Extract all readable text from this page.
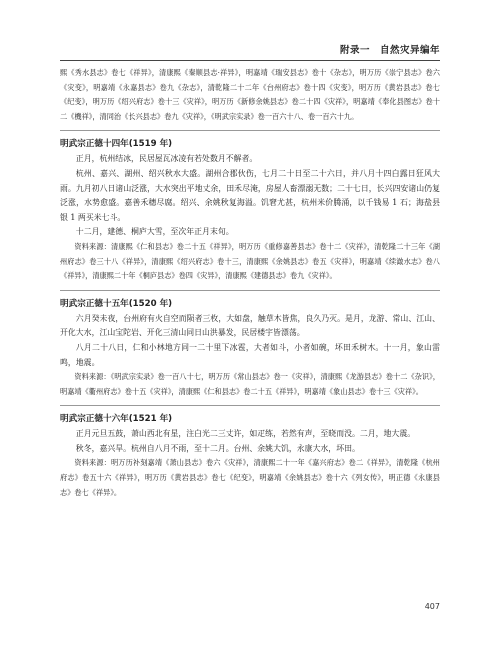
附录一 自然灾异编年

熙《秀水县志》卷七《祥异》，清康熙《秦顺县志·祥异》，明嘉靖《瑞安县志》卷十《杂志》，明万历《崇宁县志》卷六《灾变》，明嘉靖《永嘉县志》卷九《杂志》，清乾隆二十二年《台州府志》卷十四《灾变》，明万历《黄岩县志》卷七《纪变》，明万历《绍兴府志》卷十三《灾祥》，明万历《新修余姚县志》卷二十四《灾祥》，明嘉靖《奉化县图志》卷十二《機祥》，清同治《长兴县志》卷九《灾祥》，《明武宗实录》卷一百六十八、卷一百六十九。

明武宗正德十四年(1519 年)

正月，杭州结冰，民居屋瓦冰凌有若处数月不解者。

杭州、嘉兴、湖州、绍兴秋水大盛。湖州合郡伙伤，七月二十日至二十六日，并八月十四白露日狂风大雨。九月初八日诸山泛涨，大水突出平地丈余，田禾尽淹，房屋人畜漂溺无数；二十七日，长兴四安诸山仍复泛涨，水势愈盛。嘉善禾穗尽腐。绍兴、余姚秋复海溢。饥窘尤甚，杭州米价腾涌，以千钱易 1 石；海盐县银 1 两买米七斗。

十二月，建德、桐庐大雪，至次年正月末旬。

资料来源：清康熙《仁和县志》卷二十五《祥异》，明万历《重修嘉善县志》卷十二《灾祥》，清乾隆二十三年《湖州府志》卷三十八《祥异》，清康熙《绍兴府志》卷十三，清康熙《余姚县志》卷五《灾祥》，明嘉靖《续澉水志》卷八《祥异》，清康熙二十年《桐庐县志》卷四《灾异》，清康熙《建德县志》卷九《灾祥》。

明武宗正德十五年(1520 年)

六月癸未夜，台州府有火自空而陨者三枚，大如盘，触草木皆焦，良久乃灭。是月，龙游、常山、江山、开化大水，江山宝陀岩、开化三清山同日山洪暴发，民居楼宇皆漂荡。

八月二十八日，仁和小林地方同一二十里下冰雹，大者如斗，小者如碗，坏田禾树木。十一月，象山雷鸣，地震。

资料来源：《明武宗实录》卷一百八十七，明万历《常山县志》卷一《灾祥》，清康熙《龙游县志》卷十二《杂识》，明嘉靖《衢州府志》卷十五《灾祥》，清康熙《仁和县志》卷二十五《祥异》，明嘉靖《象山县志》卷十三《灾祥》。

明武宗正德十六年(1521 年)

正月元旦五鼓，萧山西北有星，注白光二三丈许，如疋练，若然有声，至晓而没。二月，地大震。

秋冬，嘉兴旱。杭州自八月不雨，至十二月。台州、余姚大饥，永康大水，坏田。

资料来源：明万历补刻嘉靖《萧山县志》卷六《灾祥》，清康熙二十一年《嘉兴府志》卷二《祥异》，清乾隆《杭州府志》卷五十六《祥异》，明万历《黄岩县志》卷七《纪变》，明嘉靖《余姚县志》卷十六《列女传》，明正德《永康县志》卷七《祥异》。

407
